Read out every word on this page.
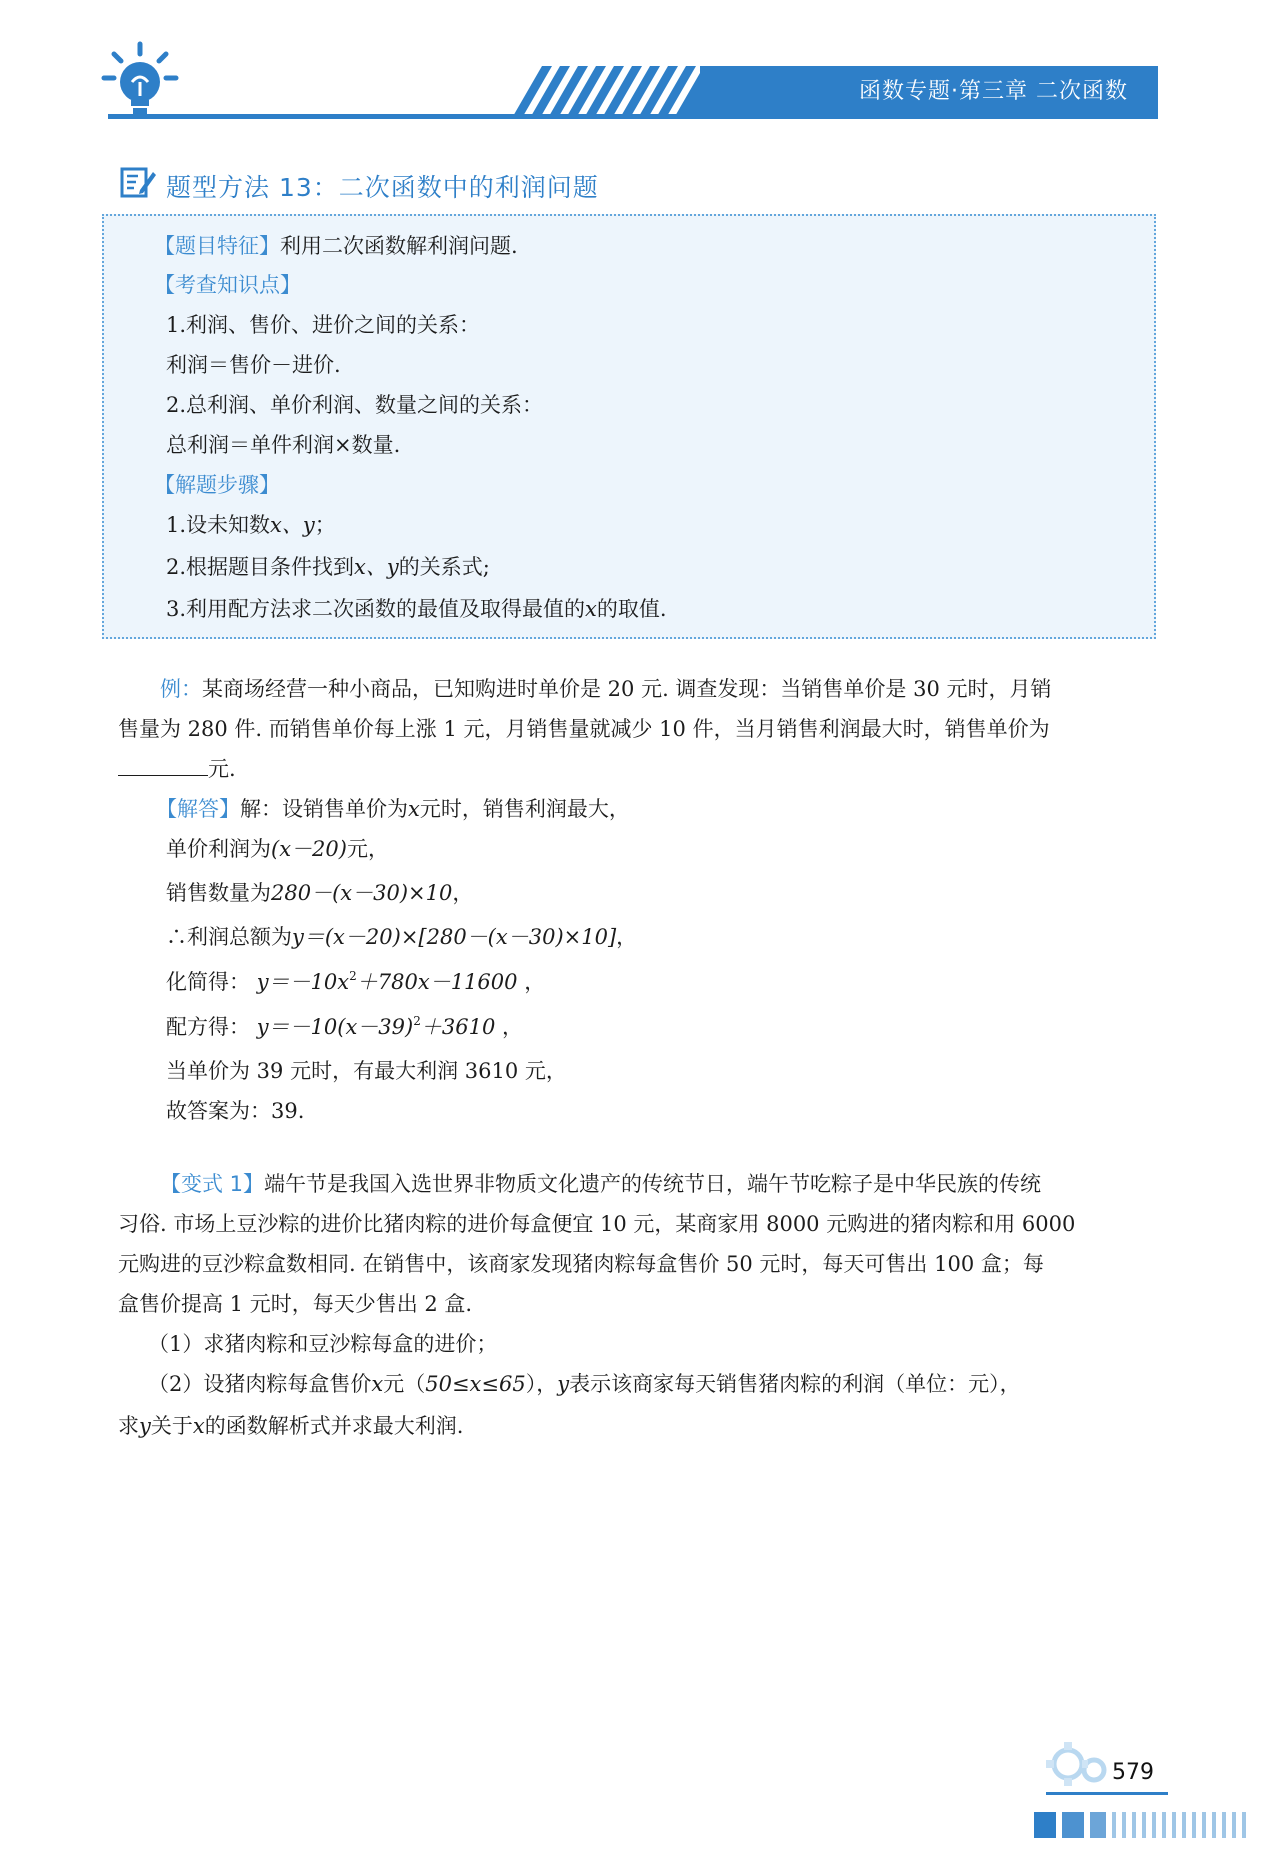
函数专题·第三章 二次函数
题型方法 13：二次函数中的利润问题
【题目特征】利用二次函数解利润问题.
【考查知识点】
1.利润、售价、进价之间的关系：
利润＝售价－进价.
2.总利润、单价利润、数量之间的关系：
总利润＝单件利润×数量.
【解题步骤】
1.设未知数x、y；
2.根据题目条件找到x、y的关系式;
3.利用配方法求二次函数的最值及取得最值的x的取值.
例：某商场经营一种小商品，已知购进时单价是 20 元. 调查发现：当销售单价是 30 元时，月销
售量为 280 件. 而销售单价每上涨 1 元，月销售量就减少 10 件，当月销售利润最大时，销售单价为
元.
【解答】解：设销售单价为x元时，销售利润最大，
单价利润为(x－20)元，
销售数量为280－(x－30)×10，
∴利润总额为y＝(x－20)×[280－(x－30)×10]，
化简得： $y=-10x^2+780x-11600$ ，
配方得： $y=-10(x-39)^2+3610$ ，
当单价为 39 元时，有最大利润 3610 元，
故答案为：39.
【变式 1】端午节是我国入选世界非物质文化遗产的传统节日，端午节吃粽子是中华民族的传统
习俗. 市场上豆沙粽的进价比猪肉粽的进价每盒便宜 10 元，某商家用 8000 元购进的猪肉粽和用 6000
元购进的豆沙粽盒数相同. 在销售中，该商家发现猪肉粽每盒售价 50 元时，每天可售出 100 盒；每
盒售价提高 1 元时，每天少售出 2 盒.
（1）求猪肉粽和豆沙粽每盒的进价；
（2）设猪肉粽每盒售价x元（50≤x≤65），y表示该商家每天销售猪肉粽的利润（单位：元），
求y关于x的函数解析式并求最大利润.
579
